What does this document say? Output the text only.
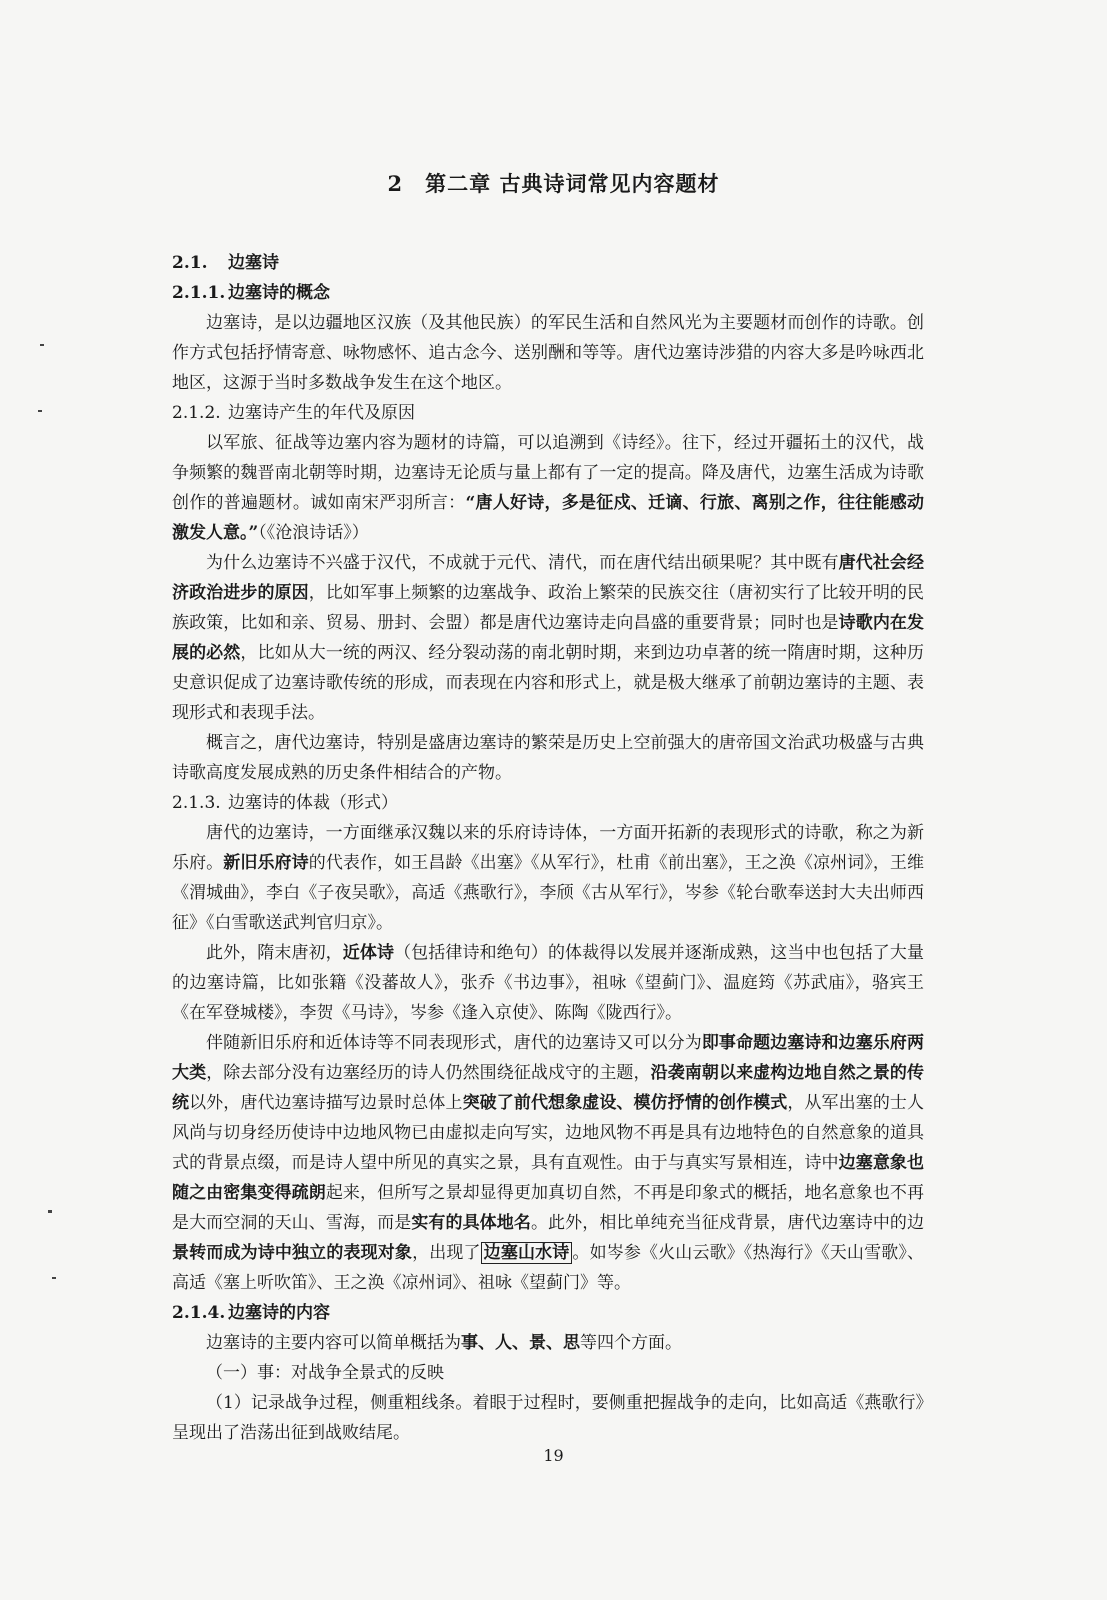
2 第二章 古典诗词常见内容题材

2.1. 边塞诗

2.1.1. 边塞诗的概念

边塞诗，是以边疆地区汉族（及其他民族）的军民生活和自然风光为主要题材而创作的诗歌。创作方式包括抒情寄意、咏物感怀、追古念今、送别酬和等等。唐代边塞诗涉猎的内容大多是吟咏西北地区，这源于当时多数战争发生在这个地区。

2.1.2. 边塞诗产生的年代及原因

以军旅、征战等边塞内容为题材的诗篇，可以追溯到《诗经》。往下，经过开疆拓土的汉代，战争频繁的魏晋南北朝等时期，边塞诗无论质与量上都有了一定的提高。降及唐代，边塞生活成为诗歌创作的普遍题材。诚如南宋严羽所言：“唐人好诗，多是征戍、迁谪、行旅、离别之作，往往能感动激发人意。”（《沧浪诗话》）

为什么边塞诗不兴盛于汉代，不成就于元代、清代，而在唐代结出硕果呢？其中既有唐代社会经济政治进步的原因，比如军事上频繁的边塞战争、政治上繁荣的民族交往（唐初实行了比较开明的民族政策，比如和亲、贸易、册封、会盟）都是唐代边塞诗走向昌盛的重要背景；同时也是诗歌内在发展的必然，比如从大一统的两汉、经分裂动荡的南北朝时期，来到边功卓著的统一隋唐时期，这种历史意识促成了边塞诗歌传统的形成，而表现在内容和形式上，就是极大继承了前朝边塞诗的主题、表现形式和表现手法。

概言之，唐代边塞诗，特别是盛唐边塞诗的繁荣是历史上空前强大的唐帝国文治武功极盛与古典诗歌高度发展成熟的历史条件相结合的产物。

2.1.3. 边塞诗的体裁（形式）

唐代的边塞诗，一方面继承汉魏以来的乐府诗诗体，一方面开拓新的表现形式的诗歌，称之为新乐府。新旧乐府诗的代表作，如王昌龄《出塞》《从军行》，杜甫《前出塞》，王之涣《凉州词》，王维《渭城曲》，李白《子夜吴歌》，高适《燕歌行》，李颀《古从军行》，岑参《轮台歌奉送封大夫出师西征》《白雪歌送武判官归京》。

此外，隋末唐初，近体诗（包括律诗和绝句）的体裁得以发展并逐渐成熟，这当中也包括了大量的边塞诗篇，比如张籍《没蕃故人》，张乔《书边事》，祖咏《望蓟门》、温庭筠《苏武庙》，骆宾王《在军登城楼》，李贺《马诗》，岑参《逢入京使》、陈陶《陇西行》。

伴随新旧乐府和近体诗等不同表现形式，唐代的边塞诗又可以分为即事命题边塞诗和边塞乐府两大类，除去部分没有边塞经历的诗人仍然围绕征战戍守的主题，沿袭南朝以来虚构边地自然之景的传统以外，唐代边塞诗描写边景时总体上突破了前代想象虚设、模仿抒情的创作模式，从军出塞的士人风尚与切身经历使诗中边地风物已由虚拟走向写实，边地风物不再是具有边地特色的自然意象的道具式的背景点缀，而是诗人望中所见的真实之景，具有直观性。由于与真实写景相连，诗中边塞意象也随之由密集变得疏朗起来，但所写之景却显得更加真切自然，不再是印象式的概括，地名意象也不再是大而空洞的天山、雪海，而是实有的具体地名。此外，相比单纯充当征戍背景，唐代边塞诗中的边景转而成为诗中独立的表现对象，出现了 边塞山水诗 。如岑参《火山云歌》《热海行》《天山雪歌》、高适《塞上听吹笛》、王之涣《凉州词》、祖咏《望蓟门》等。

2.1.4. 边塞诗的内容

边塞诗的主要内容可以简单概括为事、人、景、思等四个方面。

（一）事：对战争全景式的反映

（1）记录战争过程，侧重粗线条。着眼于过程时，要侧重把握战争的走向，比如高适《燕歌行》呈现出了浩荡出征到战败结尾。

19
